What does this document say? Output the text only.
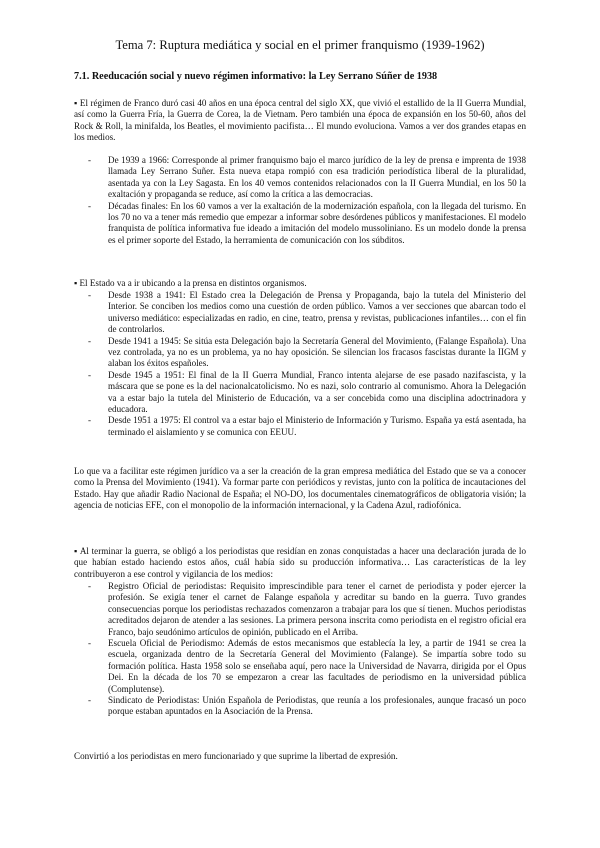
Tema 7: Ruptura mediática y social en el primer franquismo (1939-1962)
7.1. Reeducación social y nuevo régimen informativo: la Ley Serrano Súñer de 1938
▪ El régimen de Franco duró casi 40 años en una época central del siglo XX, que vivió el estallido de la II Guerra Mundial, así como la Guerra Fría, la Guerra de Corea, la de Vietnam. Pero también una época de expansión en los 50-60, años del Rock & Roll, la minifalda, los Beatles, el movimiento pacifista… El mundo evoluciona. Vamos a ver dos grandes etapas en los medios.
- De 1939 a 1966: Corresponde al primer franquismo bajo el marco jurídico de la ley de prensa e imprenta de 1938 llamada Ley Serrano Suñer. Esta nueva etapa rompió con esa tradición periodística liberal de la pluralidad, asentada ya con la Ley Sagasta. En los 40 vemos contenidos relacionados con la II Guerra Mundial, en los 50 la exaltación y propaganda se reduce, así como la crítica a las democracias.
- Décadas finales: En los 60 vamos a ver la exaltación de la modernización española, con la llegada del turismo. En los 70 no va a tener más remedio que empezar a informar sobre desórdenes públicos y manifestaciones. El modelo franquista de política informativa fue ideado a imitación del modelo mussoliniano. Es un modelo donde la prensa es el primer soporte del Estado, la herramienta de comunicación con los súbditos.
▪ El Estado va a ir ubicando a la prensa en distintos organismos.
- Desde 1938 a 1941: El Estado crea la Delegación de Prensa y Propaganda, bajo la tutela del Ministerio del Interior. Se conciben los medios como una cuestión de orden público. Vamos a ver secciones que abarcan todo el universo mediático: especializadas en radio, en cine, teatro, prensa y revistas, publicaciones infantiles… con el fin de controlarlos.
- Desde 1941 a 1945: Se sitúa esta Delegación bajo la Secretaría General del Movimiento, (Falange Española). Una vez controlada, ya no es un problema, ya no hay oposición. Se silencian los fracasos fascistas durante la IIGM y alaban los éxitos españoles.
- Desde 1945 a 1951: El final de la II Guerra Mundial, Franco intenta alejarse de ese pasado nazifascista, y la máscara que se pone es la del nacionalcatolicismo. No es nazi, solo contrario al comunismo. Ahora la Delegación va a estar bajo la tutela del Ministerio de Educación, va a ser concebida como una disciplina adoctrinadora y educadora.
- Desde 1951 a 1975: El control va a estar bajo el Ministerio de Información y Turismo. España ya está asentada, ha terminado el aislamiento y se comunica con EEUU.
Lo que va a facilitar este régimen jurídico va a ser la creación de la gran empresa mediática del Estado que se va a conocer como la Prensa del Movimiento (1941). Va formar parte con periódicos y revistas, junto con la política de incautaciones del Estado. Hay que añadir Radio Nacional de España; el NO-DO, los documentales cinematográficos de obligatoria visión; la agencia de noticias EFE, con el monopolio de la información internacional, y la Cadena Azul, radiofónica.
▪ Al terminar la guerra, se obligó a los periodistas que residían en zonas conquistadas a hacer una declaración jurada de lo que habían estado haciendo estos años, cuál había sido su producción informativa… Las características de la ley contribuyeron a ese control y vigilancia de los medios:
- Registro Oficial de periodistas: Requisito imprescindible para tener el carnet de periodista y poder ejercer la profesión. Se exigía tener el carnet de Falange española y acreditar su bando en la guerra. Tuvo grandes consecuencias porque los periodistas rechazados comenzaron a trabajar para los que sí tienen. Muchos periodistas acreditados dejaron de atender a las sesiones. La primera persona inscrita como periodista en el registro oficial era Franco, bajo seudónimo artículos de opinión, publicado en el Arriba.
- Escuela Oficial de Periodismo: Además de estos mecanismos que establecía la ley, a partir de 1941 se crea la escuela, organizada dentro de la Secretaría General del Movimiento (Falange). Se impartía sobre todo su formación política. Hasta 1958 solo se enseñaba aquí, pero nace la Universidad de Navarra, dirigida por el Opus Dei. En la década de los 70 se empezaron a crear las facultades de periodismo en la universidad pública (Complutense).
- Sindicato de Periodistas: Unión Española de Periodistas, que reunía a los profesionales, aunque fracasó un poco porque estaban apuntados en la Asociación de la Prensa.
Convirtió a los periodistas en mero funcionariado y que suprime la libertad de expresión.
